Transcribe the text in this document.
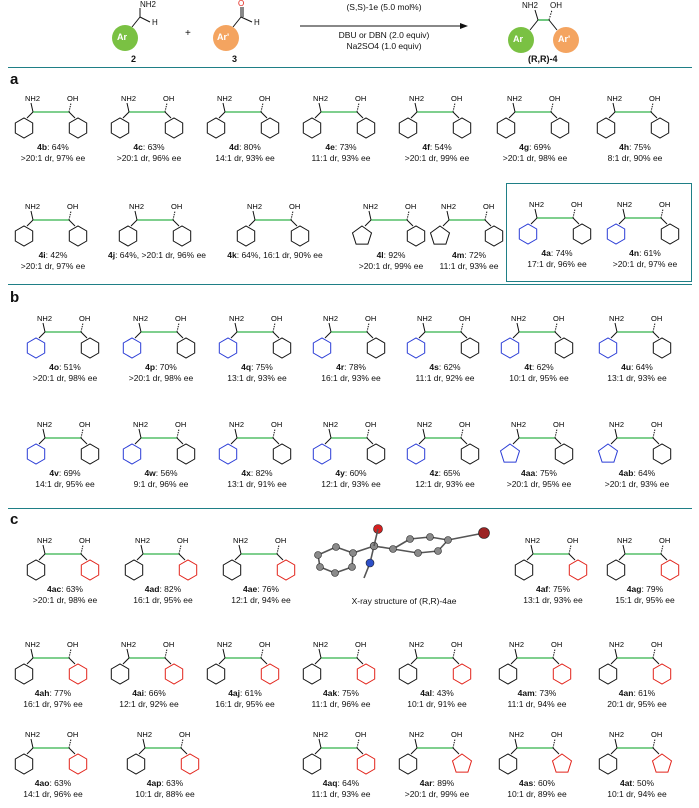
Ar
NH2
H
2
+	Ar'
O
H
3
(S,S)-1e (5.0 mol%)
DBU or DBN (2.0 equiv)
Na2SO4 (1.0 equiv)
Ar	Ar'
NH2 OH
(R,R)-4
a
NH2	OH
4b: 64%
>20:1 dr, 97% ee
NH2	OH
4c: 63%
>20:1 dr, 96% ee
NH2	OH
4d: 80%
14:1 dr, 93% ee
NH2	OH
4e: 73%
11:1 dr, 93% ee
NH2	OH
4f: 54%
>20:1 dr, 99% ee
NH2	OH
4g: 69%
>20:1 dr, 98% ee
NH2	OH
4h: 75%
8:1 dr, 90% ee
NH2	OH
4i: 42%
>20:1 dr, 97% ee
NH2	OH
4j: 64%, >20:1 dr, 96% ee
NH2	OH
4k: 64%, 16:1 dr, 90% ee
NH2	OH
4l: 92%
>20:1 dr, 99% ee
NH2	OH
4m: 72%
11:1 dr, 93% ee
NH2	OH
4a: 74%
17:1 dr, 96% ee
NH2	OH
4n: 61%
>20:1 dr, 97% ee
b
NH2	OH
4o: 51%
>20:1 dr, 98% ee
NH2	OH
4p: 70%
>20:1 dr, 98% ee
NH2	OH
4q: 75%
13:1 dr, 93% ee
NH2	OH
4r: 78%
16:1 dr, 93% ee
NH2	OH
4s: 62%
11:1 dr, 92% ee
NH2	OH
4t: 62%
10:1 dr, 95% ee
NH2	OH
4u: 64%
13:1 dr, 93% ee
NH2	OH
4v: 69%
14:1 dr, 95% ee
NH2	OH
4w: 56%
9:1 dr, 96% ee
NH2	OH
4x: 82%
13:1 dr, 91% ee
NH2	OH
4y: 60%
12:1 dr, 93% ee
NH2	OH
4z: 65%
12:1 dr, 93% ee
NH2	OH
4aa: 75%
>20:1 dr, 95% ee
NH2	OH
4ab: 64%
>20:1 dr, 93% ee
c
NH2	OH
4ac: 63%
>20:1 dr, 98% ee
NH2	OH
4ad: 82%
16:1 dr, 95% ee
NH2	OH
4ae: 76%
12:1 dr, 94% ee
NH2	OH
4af: 75%
13:1 dr, 93% ee
NH2	OH
4ag: 79%
15:1 dr, 95% ee
NH2	OH
4ah: 77%
16:1 dr, 97% ee
NH2	OH
4ai: 66%
12:1 dr, 92% ee
NH2	OH
4aj: 61%
16:1 dr, 95% ee
NH2	OH
4ak: 75%
11:1 dr, 96% ee
NH2	OH
4al: 43%
10:1 dr, 91% ee
NH2	OH
4am: 73%
11:1 dr, 94% ee
NH2	OH
4an: 61%
20:1 dr, 95% ee
NH2	OH
4ao: 63%
14:1 dr, 96% ee
NH2	OH
4ap: 63%
10:1 dr, 88% ee
NH2	OH
4aq: 64%
11:1 dr, 93% ee
NH2	OH
4ar: 89%
>20:1 dr, 99% ee
NH2	OH
4as: 60%
10:1 dr, 89% ee
NH2	OH
4at: 50%
10:1 dr, 94% ee
X-ray structure of (R,R)-4ae
